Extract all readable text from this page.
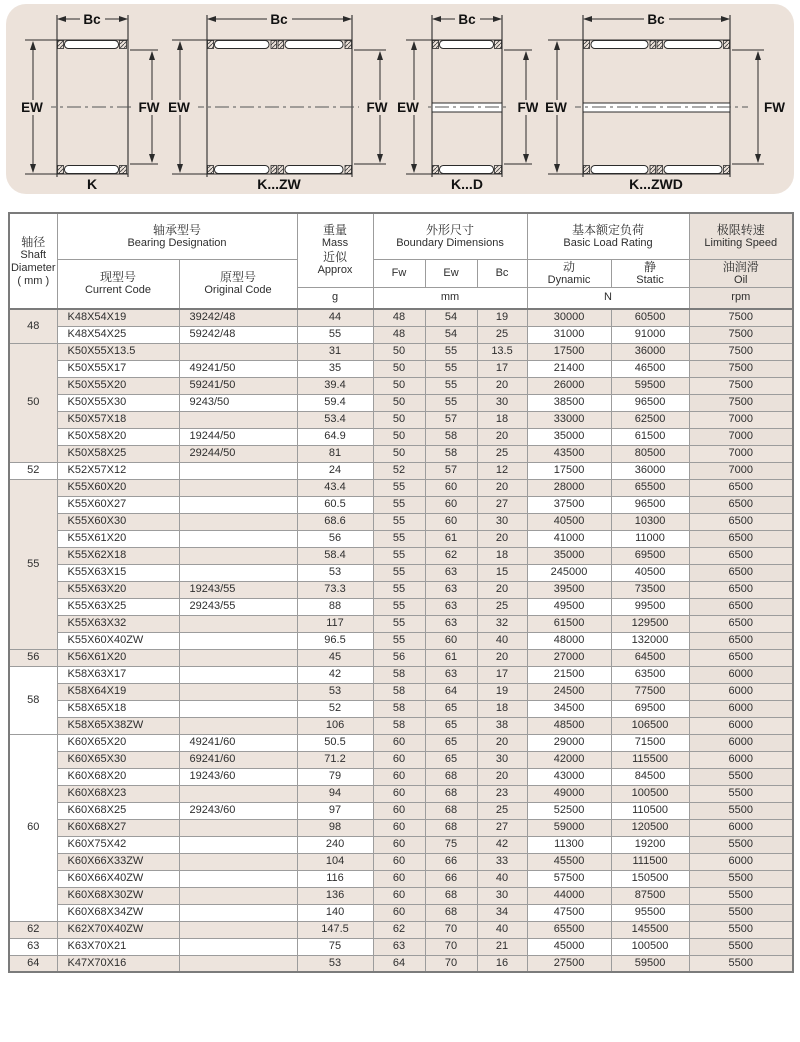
Bc
EW	FW
K
Bc
EW	FW
K...ZW
Bc
EW	FW
K...D
Bc
EW	FW
K...ZWD
轴径
Shaft
Diameter
( mm )	轴承型号
Bearing Designation		重量
Mass
近似
Approx	外形尺寸
Boundary Dimensions			基本额定负荷
Basic Load Rating		极限转速
Limiting Speed

	现型号
Current Code	原型号
Original Code		Fw	Ew	Bc	动
Dynamic	静
Static	油润滑
Oil

			g	mm			N		rpm
48	K48X54X19	39242/48	44	48	54	19	30000	60500	7500
	K48X54X25	59242/48	55	48	54	25	31000	91000	7500
50	K50X55X13.5		31	50	55	13.5	17500	36000	7500
	K50X55X17	49241/50	35	50	55	17	21400	46500	7500
	K50X55X20	59241/50	39.4	50	55	20	26000	59500	7500
	K50X55X30	9243/50	59.4	50	55	30	38500	96500	7500
	K50X57X18		53.4	50	57	18	33000	62500	7000
	K50X58X20	19244/50	64.9	50	58	20	35000	61500	7000
	K50X58X25	29244/50	81	50	58	25	43500	80500	7000
52	K52X57X12		24	52	57	12	17500	36000	7000
55	K55X60X20		43.4	55	60	20	28000	65500	6500
	K55X60X27		60.5	55	60	27	37500	96500	6500
	K55X60X30		68.6	55	60	30	40500	10300	6500
	K55X61X20		56	55	61	20	41000	11000	6500
	K55X62X18		58.4	55	62	18	35000	69500	6500
	K55X63X15		53	55	63	15	245000	40500	6500
	K55X63X20	19243/55	73.3	55	63	20	39500	73500	6500
	K55X63X25	29243/55	88	55	63	25	49500	99500	6500
	K55X63X32		117	55	63	32	61500	129500	6500
	K55X60X40ZW		96.5	55	60	40	48000	132000	6500
56	K56X61X20		45	56	61	20	27000	64500	6500
58	K58X63X17		42	58	63	17	21500	63500	6000
	K58X64X19		53	58	64	19	24500	77500	6000
	K58X65X18		52	58	65	18	34500	69500	6000
	K58X65X38ZW		106	58	65	38	48500	106500	6000
60	K60X65X20	49241/60	50.5	60	65	20	29000	71500	6000
	K60X65X30	69241/60	71.2	60	65	30	42000	115500	6000
	K60X68X20	19243/60	79	60	68	20	43000	84500	5500
	K60X68X23		94	60	68	23	49000	100500	5500
	K60X68X25	29243/60	97	60	68	25	52500	110500	5500
	K60X68X27		98	60	68	27	59000	120500	6000
	K60X75X42		240	60	75	42	11300	19200	5500
	K60X66X33ZW		104	60	66	33	45500	111500	6000
	K60X66X40ZW		116	60	66	40	57500	150500	5500
	K60X68X30ZW		136	60	68	30	44000	87500	5500
	K60X68X34ZW		140	60	68	34	47500	95500	5500
62	K62X70X40ZW		147.5	62	70	40	65500	145500	5500
63	K63X70X21		75	63	70	21	45000	100500	5500
64	K47X70X16		53	64	70	16	27500	59500	5500
